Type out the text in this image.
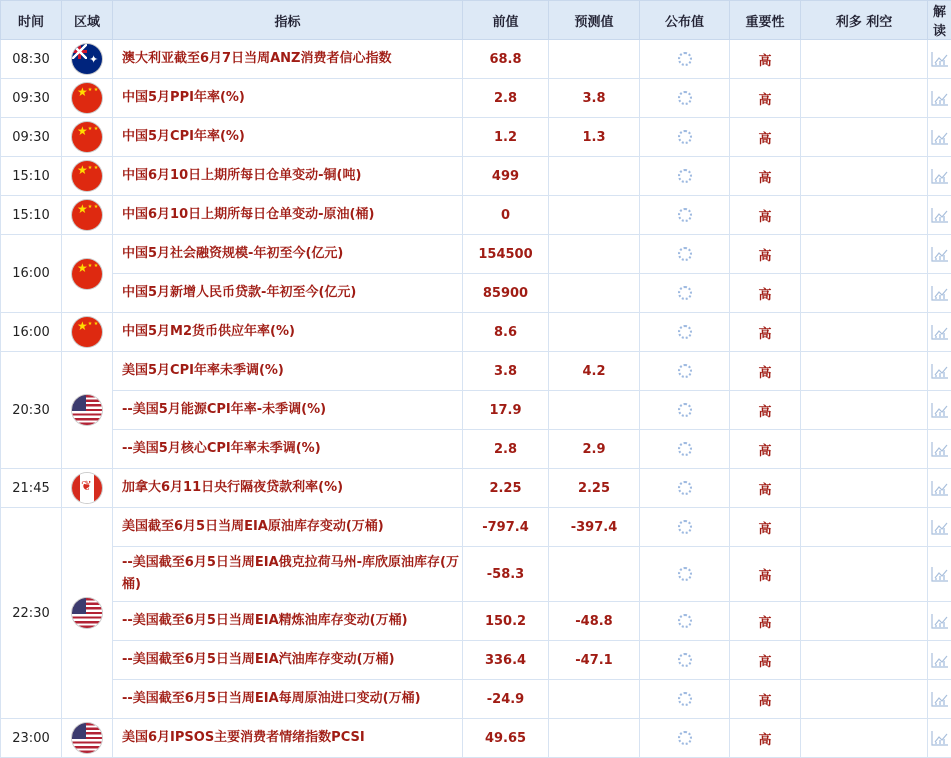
时间	区域	指标	前值	预测值	公布值	重要性	利多 利空	解读
08:30	✦	澳大利亚截至6月7日当周ANZ消费者信心指数	68.8			高		
09:30	★ ★ ★	中国5月PPI年率(%)	2.8	3.8		高		
09:30	★ ★ ★	中国5月CPI年率(%)	1.2	1.3		高		
15:10	★ ★ ★	中国6月10日上期所每日仓单变动-铜(吨)	499			高		
15:10	★ ★ ★	中国6月10日上期所每日仓单变动-原油(桶)	0			高		
16:00	★ ★ ★	中国5月社会融资规模-年初至今(亿元)	154500			高		
		中国5月新增人民币贷款-年初至今(亿元)	85900			高		
16:00	★ ★ ★	中国5月M2货币供应年率(%)	8.6			高		
20:30		美国5月CPI年率未季调(%)	3.8	4.2		高		
		--美国5月能源CPI年率-未季调(%)	17.9			高		
		--美国5月核心CPI年率未季调(%)	2.8	2.9		高		
21:45	❦	加拿大6月11日央行隔夜贷款利率(%)	2.25	2.25		高		
22:30		美国截至6月5日当周EIA原油库存变动(万桶)	-797.4	-397.4		高		
		--美国截至6月5日当周EIA俄克拉荷马州-库欣原油库存(万桶)	-58.3			高		
		--美国截至6月5日当周EIA精炼油库存变动(万桶)	150.2	-48.8		高		
		--美国截至6月5日当周EIA汽油库存变动(万桶)	336.4	-47.1		高		
		--美国截至6月5日当周EIA每周原油进口变动(万桶)	-24.9			高		
23:00		美国6月IPSOS主要消费者情绪指数PCSI	49.65			高		
